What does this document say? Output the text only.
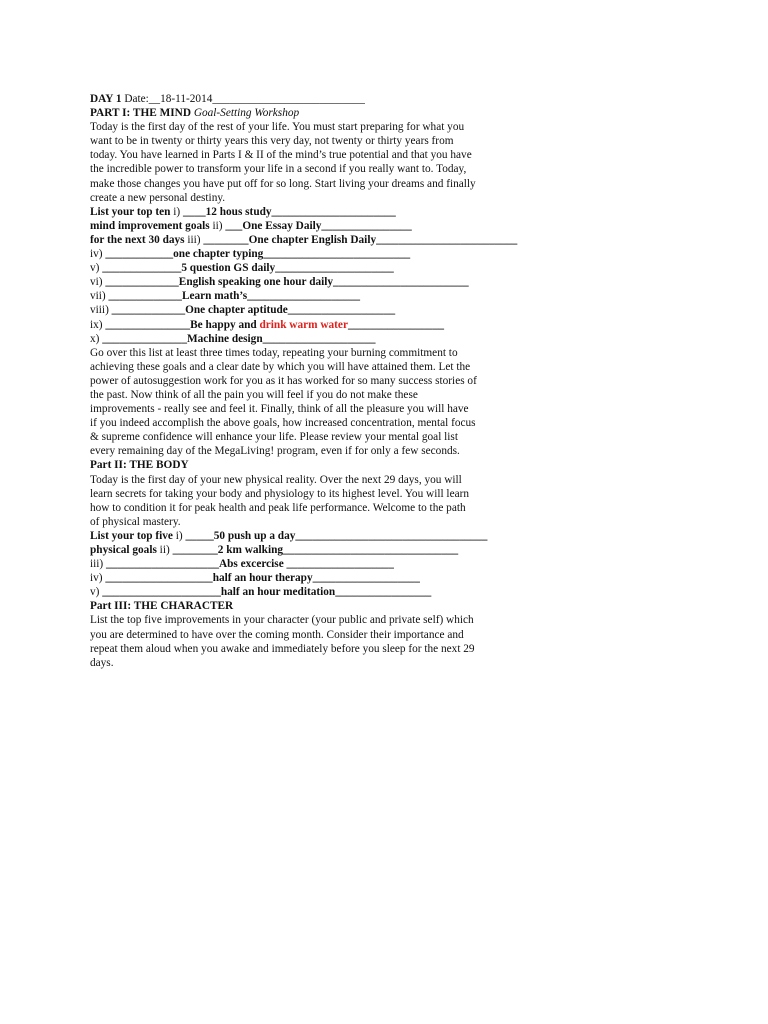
DAY 1 Date:__18-11-2014___________________________
PART I: THE MIND Goal-Setting Workshop
Today is the first day of the rest of your life. You must start preparing for what you
want to be in twenty or thirty years this very day, not twenty or thirty years from
today. You have learned in Parts I & II of the mind’s true potential and that you have
the incredible power to transform your life in a second if you really want to. Today,
make those changes you have put off for so long. Start living your dreams and finally
create a new personal destiny.
List your top ten i) ____12 hous study______________________
mind improvement goals ii) ___One Essay Daily________________
for the next 30 days iii) ________One chapter English Daily_________________________
iv) ____________one chapter typing__________________________
v) ______________5 question GS daily_____________________
vi) _____________English speaking one hour daily________________________
vii) _____________Learn math’s____________________
viii) _____________One chapter aptitude___________________
ix) _______________Be happy and drink warm water_________________
x) _______________Machine design____________________
Go over this list at least three times today, repeating your burning commitment to
achieving these goals and a clear date by which you will have attained them. Let the
power of autosuggestion work for you as it has worked for so many success stories of
the past. Now think of all the pain you will feel if you do not make these
improvements - really see and feel it. Finally, think of all the pleasure you will have
if you indeed accomplish the above goals, how increased concentration, mental focus
& supreme confidence will enhance your life. Please review your mental goal list
every remaining day of the MegaLiving! program, even if for only a few seconds.
Part II: THE BODY
Today is the first day of your new physical reality. Over the next 29 days, you will
learn secrets for taking your body and physiology to its highest level. You will learn
how to condition it for peak health and peak life performance. Welcome to the path
of physical mastery.
List your top five i) _____50 push up a day__________________________________
physical goals ii) ________2 km walking_______________________________
iii) ____________________Abs excercise ___________________
iv) ___________________half an hour therapy___________________
v) _____________________half an hour meditation_________________
Part III: THE CHARACTER
List the top five improvements in your character (your public and private self) which
you are determined to have over the coming month. Consider their importance and
repeat them aloud when you awake and immediately before you sleep for the next 29
days.
